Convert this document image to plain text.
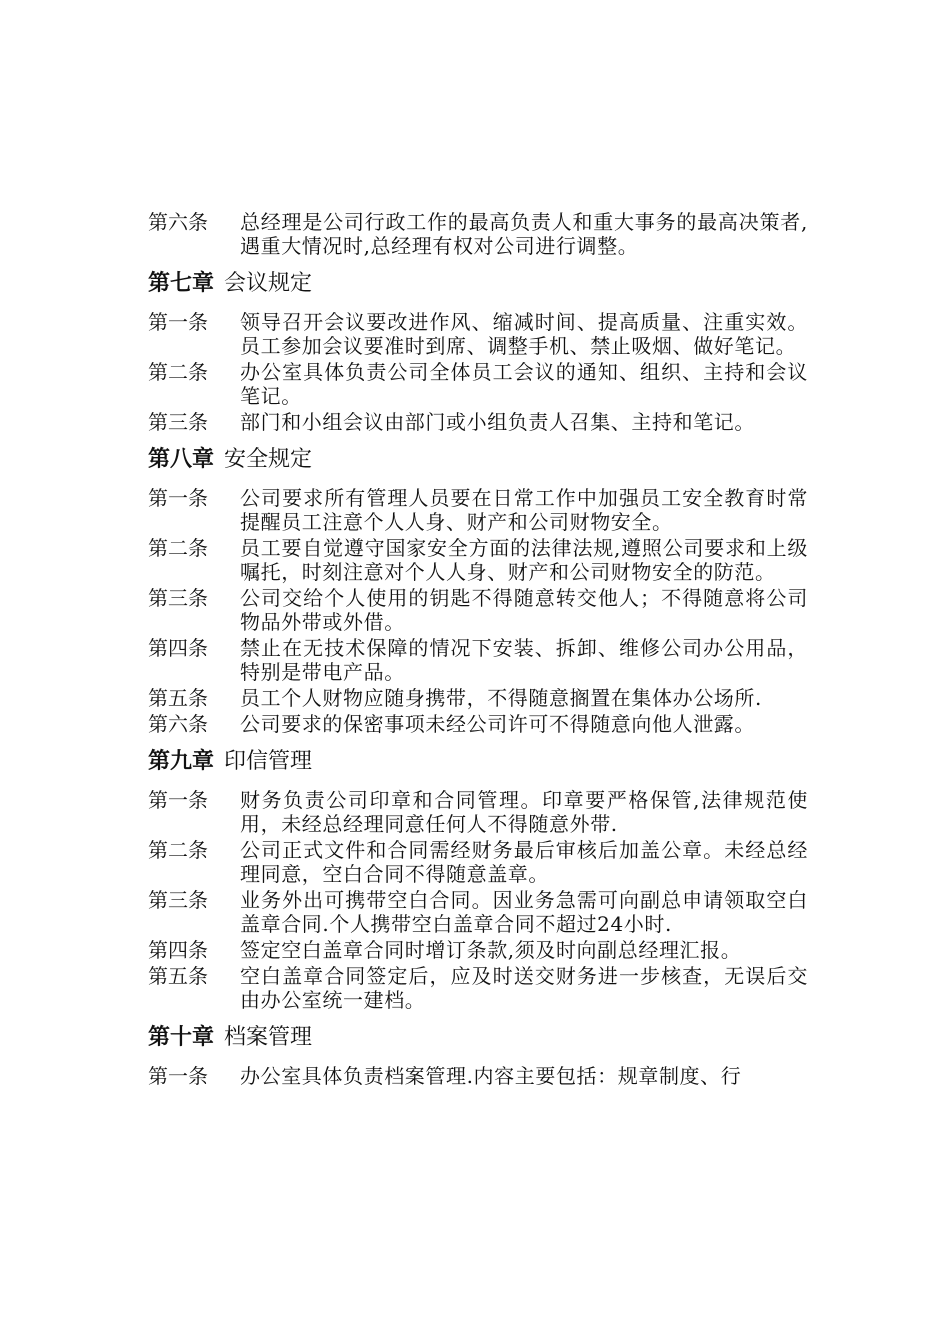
第六条	总经理是公司行政工作的最高负责人和重大事务的最高决策者,遇重大情况时,总经理有权对公司进行调整。
第七章 会议规定
第一条	领导召开会议要改进作风、缩减时间、提高质量、注重实效。员工参加会议要准时到席、调整手机、禁止吸烟、做好笔记。
第二条	办公室具体负责公司全体员工会议的通知、组织、主持和会议笔记。
第三条	部门和小组会议由部门或小组负责人召集、主持和笔记。
第八章 安全规定
第一条	公司要求所有管理人员要在日常工作中加强员工安全教育时常提醒员工注意个人人身、财产和公司财物安全。
第二条	员工要自觉遵守国家安全方面的法律法规,遵照公司要求和上级嘱托，时刻注意对个人人身、财产和公司财物安全的防范。
第三条	公司交给个人使用的钥匙不得随意转交他人；不得随意将公司物品外带或外借。
第四条	禁止在无技术保障的情况下安装、拆卸、维修公司办公用品，特别是带电产品。
第五条	员工个人财物应随身携带，不得随意搁置在集体办公场所.
第六条	公司要求的保密事项未经公司许可不得随意向他人泄露。
第九章 印信管理
第一条	财务负责公司印章和合同管理。印章要严格保管,法律规范使用，未经总经理同意任何人不得随意外带.
第二条	公司正式文件和合同需经财务最后审核后加盖公章。未经总经理同意，空白合同不得随意盖章。
第三条	业务外出可携带空白合同。因业务急需可向副总申请领取空白盖章合同.个人携带空白盖章合同不超过24小时.
第四条	签定空白盖章合同时增订条款,须及时向副总经理汇报。
第五条	空白盖章合同签定后，应及时送交财务进一步核查，无误后交由办公室统一建档。
第十章 档案管理
第一条	办公室具体负责档案管理.内容主要包括：规章制度、行
